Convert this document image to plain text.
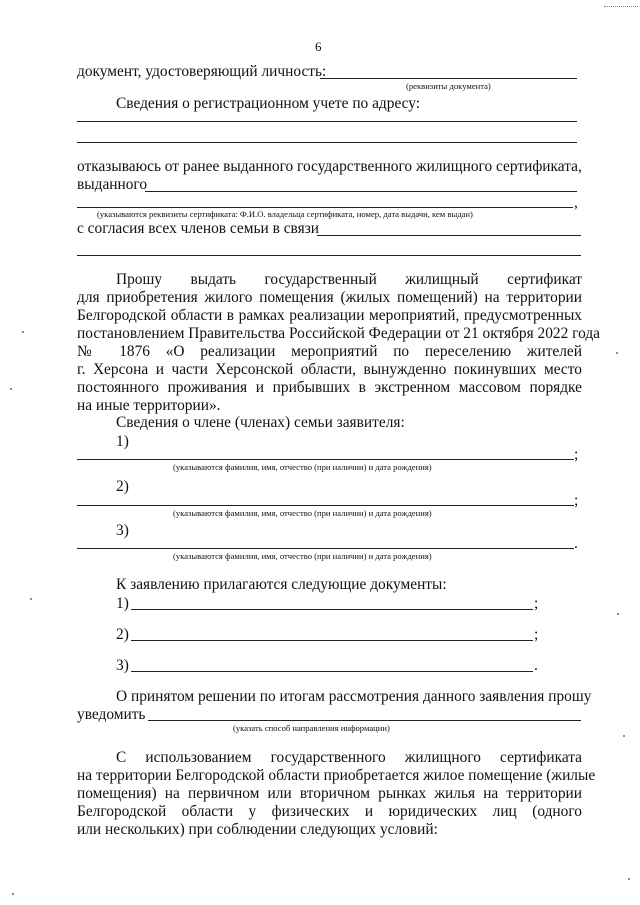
6
документ, удостоверяющий личность:
(реквизиты документа)
Сведения о регистрационном учете по адресу:
отказываюсь от ранее выданного государственного жилищного сертификата,
выданного
,
(указываются реквизиты сертификата: Ф.И.О. владельца сертификата, номер, дата выдачи, кем выдан)
с согласия всех членов семьи в связи
Прошу выдать государственный жилищный сертификат
для приобретения жилого помещения (жилых помещений) на территории
Белгородской области в рамках реализации мероприятий, предусмотренных
постановлением Правительства Российской Федерации от 21 октября 2022 года
№ 1876 «О реализации мероприятий по переселению жителей
г. Херсона и части Херсонской области, вынужденно покинувших место
постоянного проживания и прибывших в экстренном массовом порядке
на иные территории».
Сведения о члене (членах) семьи заявителя:
1)
;
(указываются фамилия, имя, отчество (при наличии) и дата рождения)
2)
;
(указываются фамилия, имя, отчество (при наличии) и дата рождения)
3)
.
(указываются фамилия, имя, отчество (при наличии) и дата рождения)
К заявлению прилагаются следующие документы:
1)	;
2)	;
3)	.
О принятом решении по итогам рассмотрения данного заявления прошу
уведомить
(указать способ направления информации)
С использованием государственного жилищного сертификата
на территории Белгородской области приобретается жилое помещение (жилые
помещения) на первичном или вторичном рынках жилья на территории
Белгородской области у физических и юридических лиц (одного
или нескольких) при соблюдении следующих условий:
